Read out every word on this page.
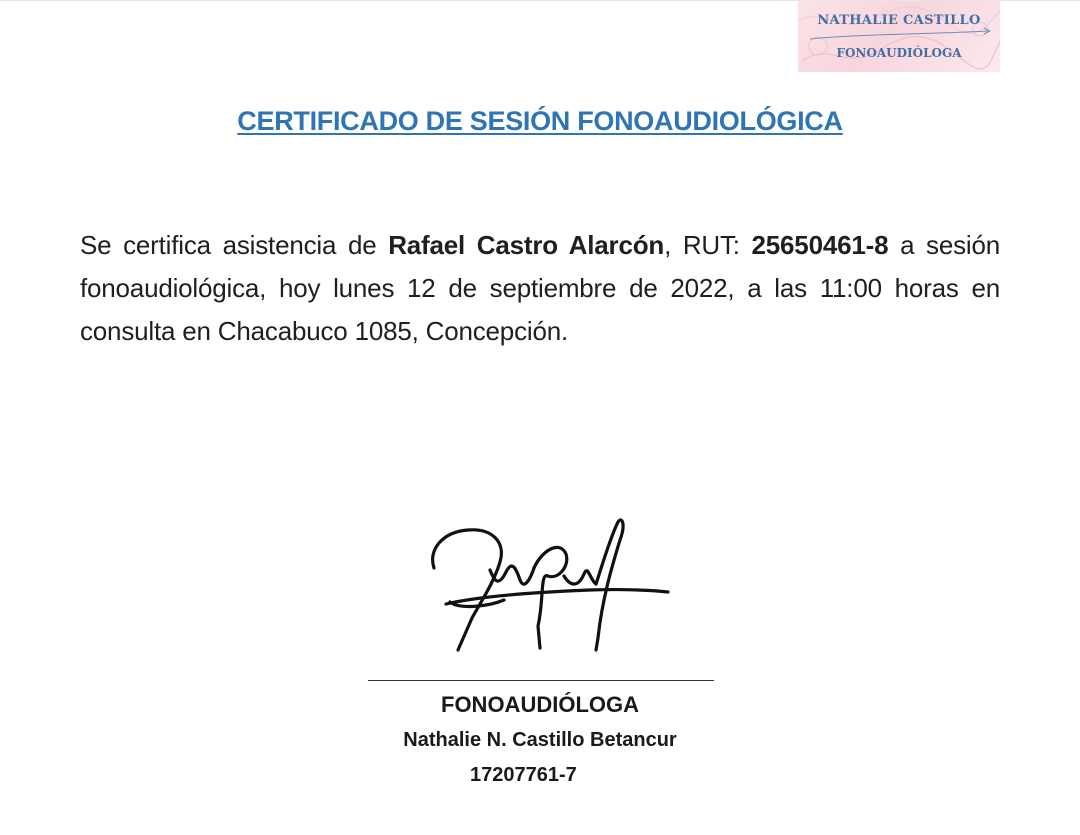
NATHALIE CASTILLO
FONOAUDIÓLOGA
CERTIFICADO DE SESIÓN FONOAUDIOLÓGICA

Se certifica asistencia de Rafael Castro Alarcón, RUT: 25650461-8 a sesión fonoaudiológica, hoy lunes 12 de septiembre de 2022, a las 11:00 horas en consulta en Chacabuco 1085, Concepción.

FONOAUDIÓLOGA
Nathalie N. Castillo Betancur
17207761-7
